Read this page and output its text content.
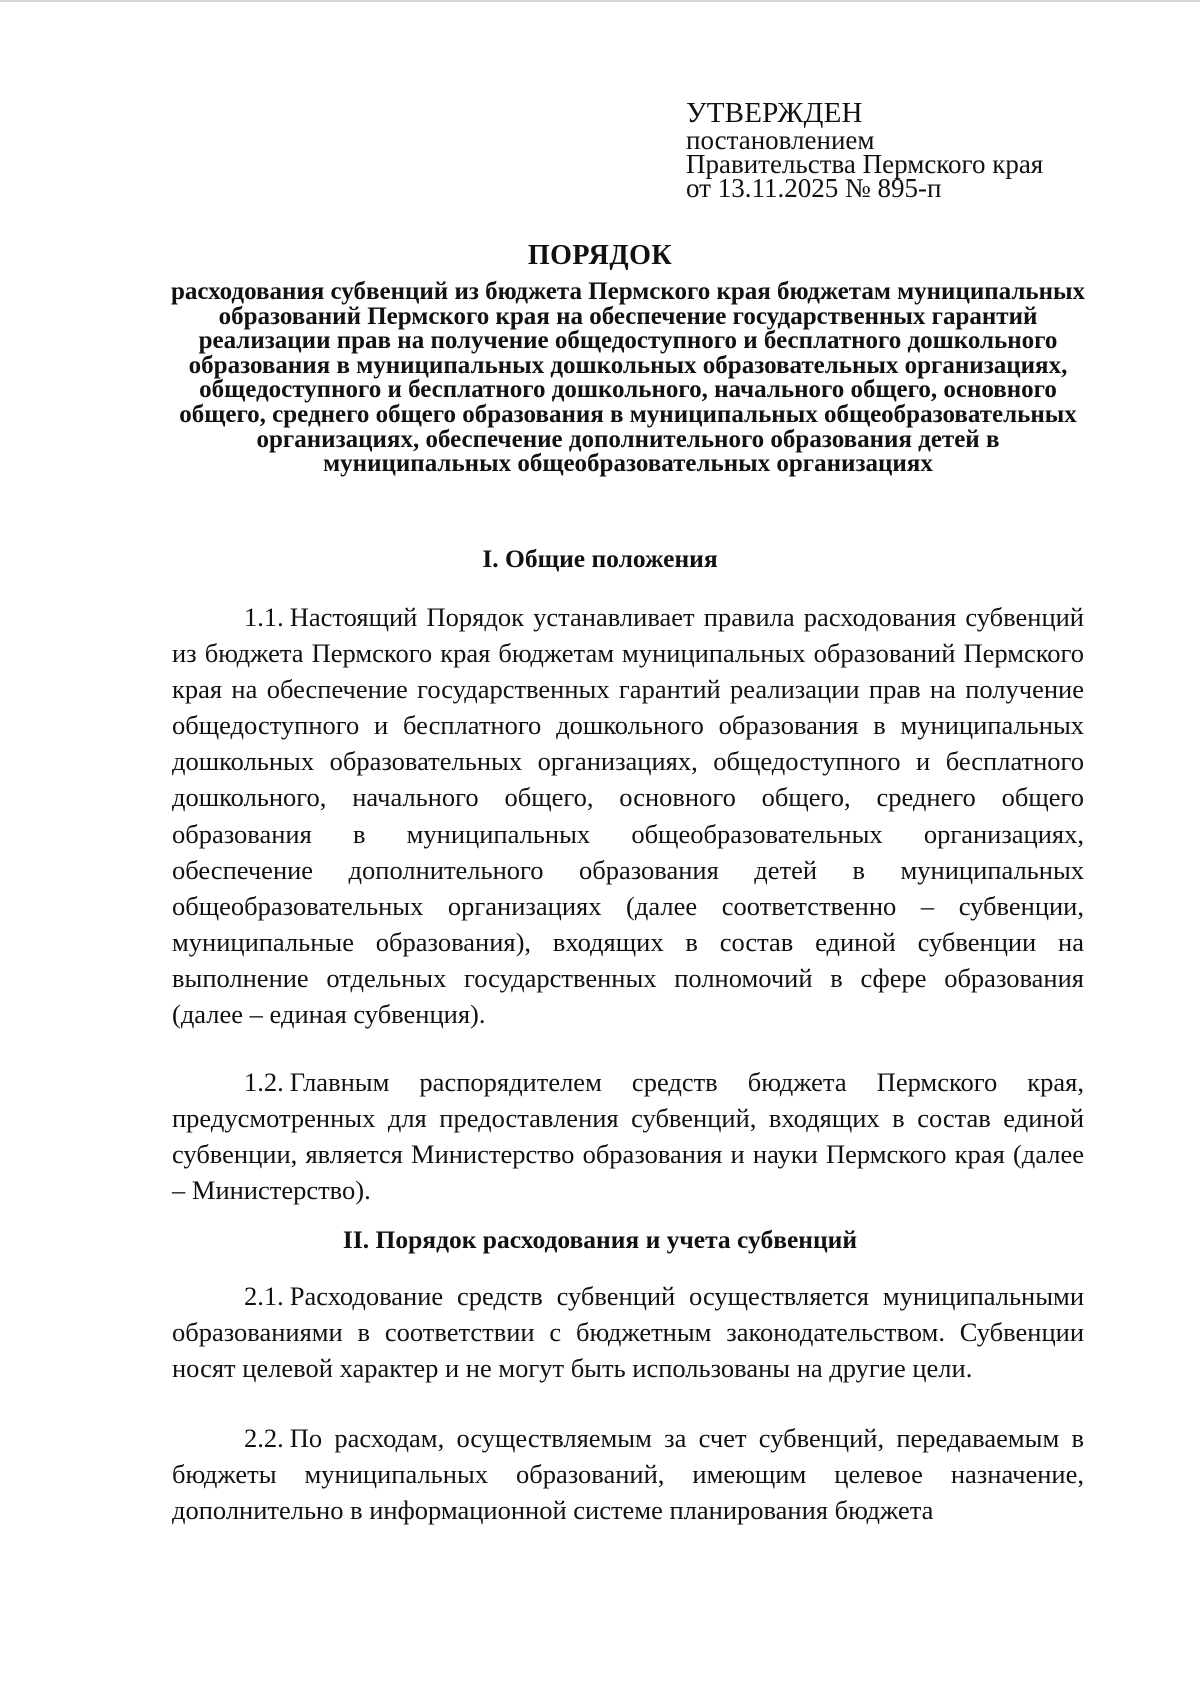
УТВЕРЖДЕН
постановлением
Правительства Пермского края
от 13.11.2025 № 895-п
ПОРЯДОК
расходования субвенций из бюджета Пермского края бюджетам муниципальных образований Пермского края на обеспечение государственных гарантий реализации прав на получение общедоступного и бесплатного дошкольного образования в муниципальных дошкольных образовательных организациях, общедоступного и бесплатного дошкольного, начального общего, основного общего, среднего общего образования в муниципальных общеобразовательных организациях, обеспечение дополнительного образования детей в муниципальных общеобразовательных организациях
I. Общие положения

1.1. Настоящий Порядок устанавливает правила расходования субвенций из бюджета Пермского края бюджетам муниципальных образований Пермского края на обеспечение государственных гарантий реализации прав на получение общедоступного и бесплатного дошкольного образования в муниципальных дошкольных образовательных организациях, общедоступного и бесплатного дошкольного, начального общего, основного общего, среднего общего образования в муниципальных общеобразовательных организациях, обеспечение дополнительного образования детей в муниципальных общеобразовательных организациях (далее соответственно – субвенции, муниципальные образования), входящих в состав единой субвенции на выполнение отдельных государственных полномочий в сфере образования (далее – единая субвенция).

1.2. Главным распорядителем средств бюджета Пермского края, предусмотренных для предоставления субвенций, входящих в состав единой субвенции, является Министерство образования и науки Пермского края (далее – Министерство).

II. Порядок расходования и учета субвенций

2.1. Расходование средств субвенций осуществляется муниципальными образованиями в соответствии с бюджетным законодательством. Субвенции носят целевой характер и не могут быть использованы на другие цели.

2.2. По расходам, осуществляемым за счет субвенций, передаваемым в бюджеты муниципальных образований, имеющим целевое назначение, дополнительно в информационной системе планирования бюджета
